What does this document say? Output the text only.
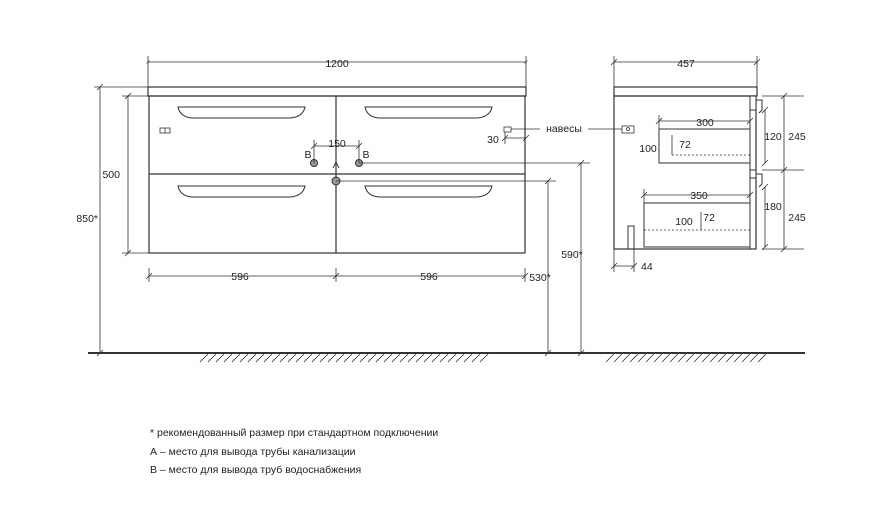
1200
596	596
500
850*
150
B	B
590*
530*
30
навесы
457
300
100 72
120 245
350
100 72
180
245
44
* рекомендованный размер при стандартном подключении
А – место для вывода трубы канализации
В – место для вывода труб водоснабжения
